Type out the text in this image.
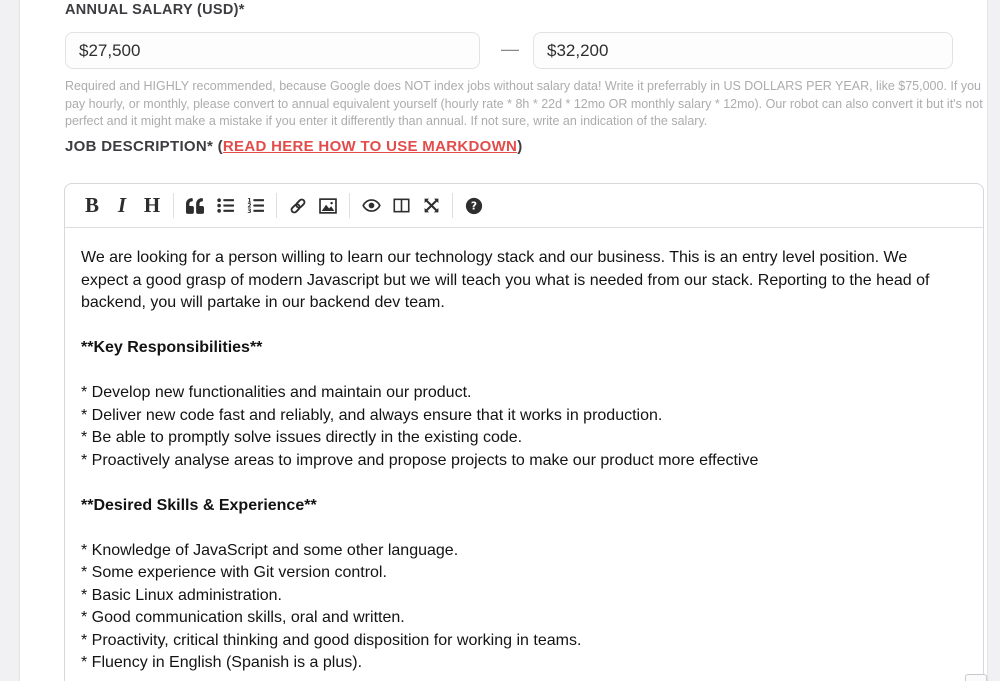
ANNUAL SALARY (USD)*
$27,500
—
$32,200
Required and HIGHLY recommended, because Google does NOT index jobs without salary data! Write it preferrably in US DOLLARS PER YEAR, like $75,000. If you pay hourly, or monthly, please convert to annual equivalent yourself (hourly rate * 8h * 22d * 12mo OR monthly salary * 12mo). Our robot can also convert it but it's not perfect and it might make a mistake if you enter it differently than annual. If not sure, write an indication of the salary.
JOB DESCRIPTION* (READ HERE HOW TO USE MARKDOWN)
B I H	1
2
3	?
We are looking for a person willing to learn our technology stack and our business. This is an entry level position. We
expect a good grasp of modern Javascript but we will teach you what is needed from our stack. Reporting to the head of
backend, you will partake in our backend dev team.

**Key Responsibilities**

* Develop new functionalities and maintain our product.
* Deliver new code fast and reliably, and always ensure that it works in production.
* Be able to promptly solve issues directly in the existing code.
* Proactively analyse areas to improve and propose projects to make our product more effective

**Desired Skills & Experience**

* Knowledge of JavaScript and some other language.
* Some experience with Git version control.
* Basic Linux administration.
* Good communication skills, oral and written.
* Proactivity, critical thinking and good disposition for working in teams.
* Fluency in English (Spanish is a plus).
